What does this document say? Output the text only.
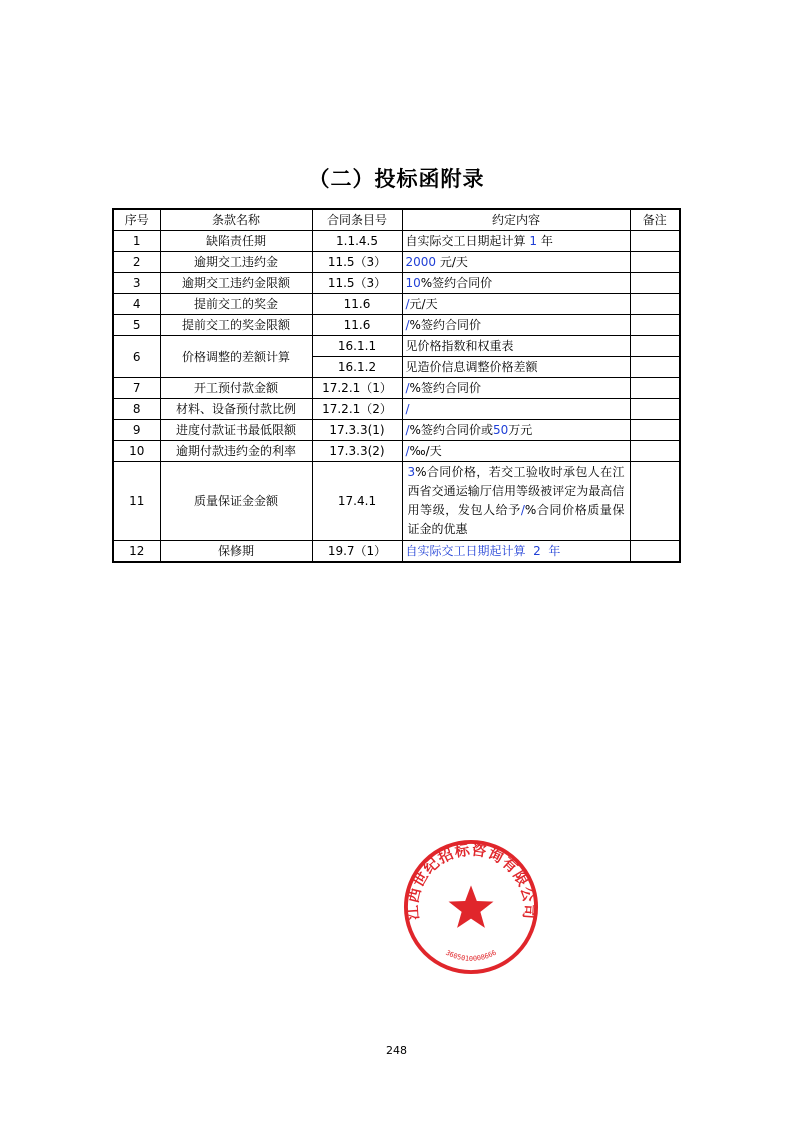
（二）投标函附录
序号	条款名称	合同条目号	约定内容	备注
1	缺陷责任期	1.1.4.5	自实际交工日期起计算 1 年	
2	逾期交工违约金	11.5（3）	2000 元/天	
3	逾期交工违约金限额	11.5（3）	10%签约合同价	
4	提前交工的奖金	11.6	/元/天	
5	提前交工的奖金限额	11.6	/%签约合同价	
6	价格调整的差额计算	16.1.1	见价格指数和权重表	
		16.1.2	见造价信息调整价格差额	
7	开工预付款金额	17.2.1（1）	/%签约合同价	
8	材料、设备预付款比例	17.2.1（2）	/	
9	进度付款证书最低限额	17.3.3(1)	/%签约合同价或50万元	
10	逾期付款违约金的利率	17.3.3(2)	/‰/天	
11	质量保证金金额	17.4.1	3%合同价格，若交工验收时承包人在江西省交通运输厅信用等级被评定为最高信用等级，发包人给予/%合同价格质量保证金的优惠	
12	保修期	19.7（1）	自实际交工日期起计算  2  年	
江西世纪招标咨询有限公司
3605010008666
248
